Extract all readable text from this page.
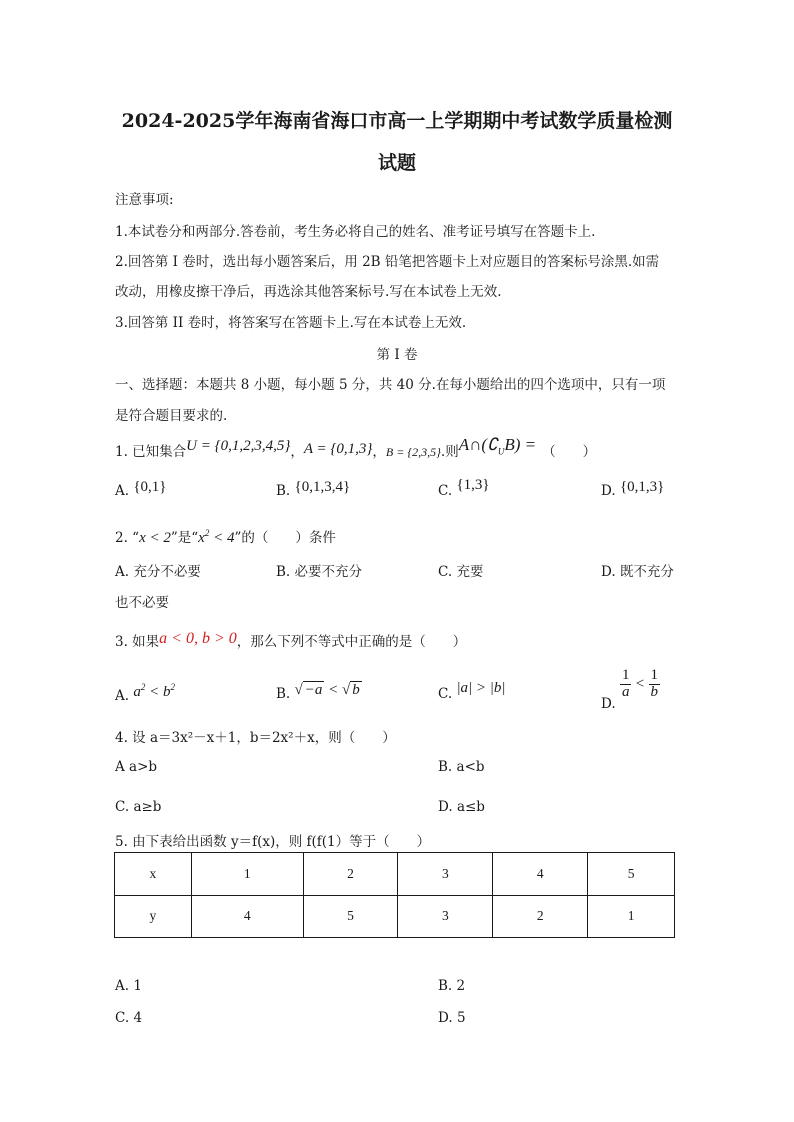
2024-2025学年海南省海口市高一上学期期中考试数学质量检测
试题
注意事项:
1.本试卷分和两部分.答卷前，考生务必将自己的姓名、准考证号填写在答题卡上.
2.回答第 I 卷时，选出每小题答案后，用 2B 铅笔把答题卡上对应题目的答案标号涂黑.如需
改动，用橡皮擦干净后，再选涂其他答案标号.写在本试卷上无效.
3.回答第 II 卷时，将答案写在答题卡上.写在本试卷上无效.
第 I 卷
一、选择题：本题共 8 小题，每小题 5 分，共 40 分.在每小题给出的四个选项中，只有一项
是符合题目要求的.
1. 已知集合U = {0,1,2,3,4,5}，A = {0,1,3}，B = {2,3,5}.则$A\cap(∁_UB)$ = （　　）
A. {0,1}	B. {0,1,3,4}	C. {1,3}	D. {0,1,3}
2. “x < 2”是“$x^2 < 4$”的（　　）条件
A. 充分不必要	B. 必要不充分	C. 充要	D. 既不充分
也不必要
3. 如果a < 0, b > 0，那么下列不等式中正确的是（　　）
A. $a^2 < b^2$	B. √ −a < √ b	C. |a| > |b|
D.
$\frac{1}{a} < \frac{1}{b}$
4. 设 a＝3x²－x＋1，b＝2x²＋x，则（　　）
A a>b	B. a<b
C. a≥b	D. a≤b
5. 由下表给出函数 y＝f(x)，则 f(f(1）等于（　　）
x	1	2	3	4	5
y	4	5	3	2	1
A. 1	B. 2
C. 4	D. 5
